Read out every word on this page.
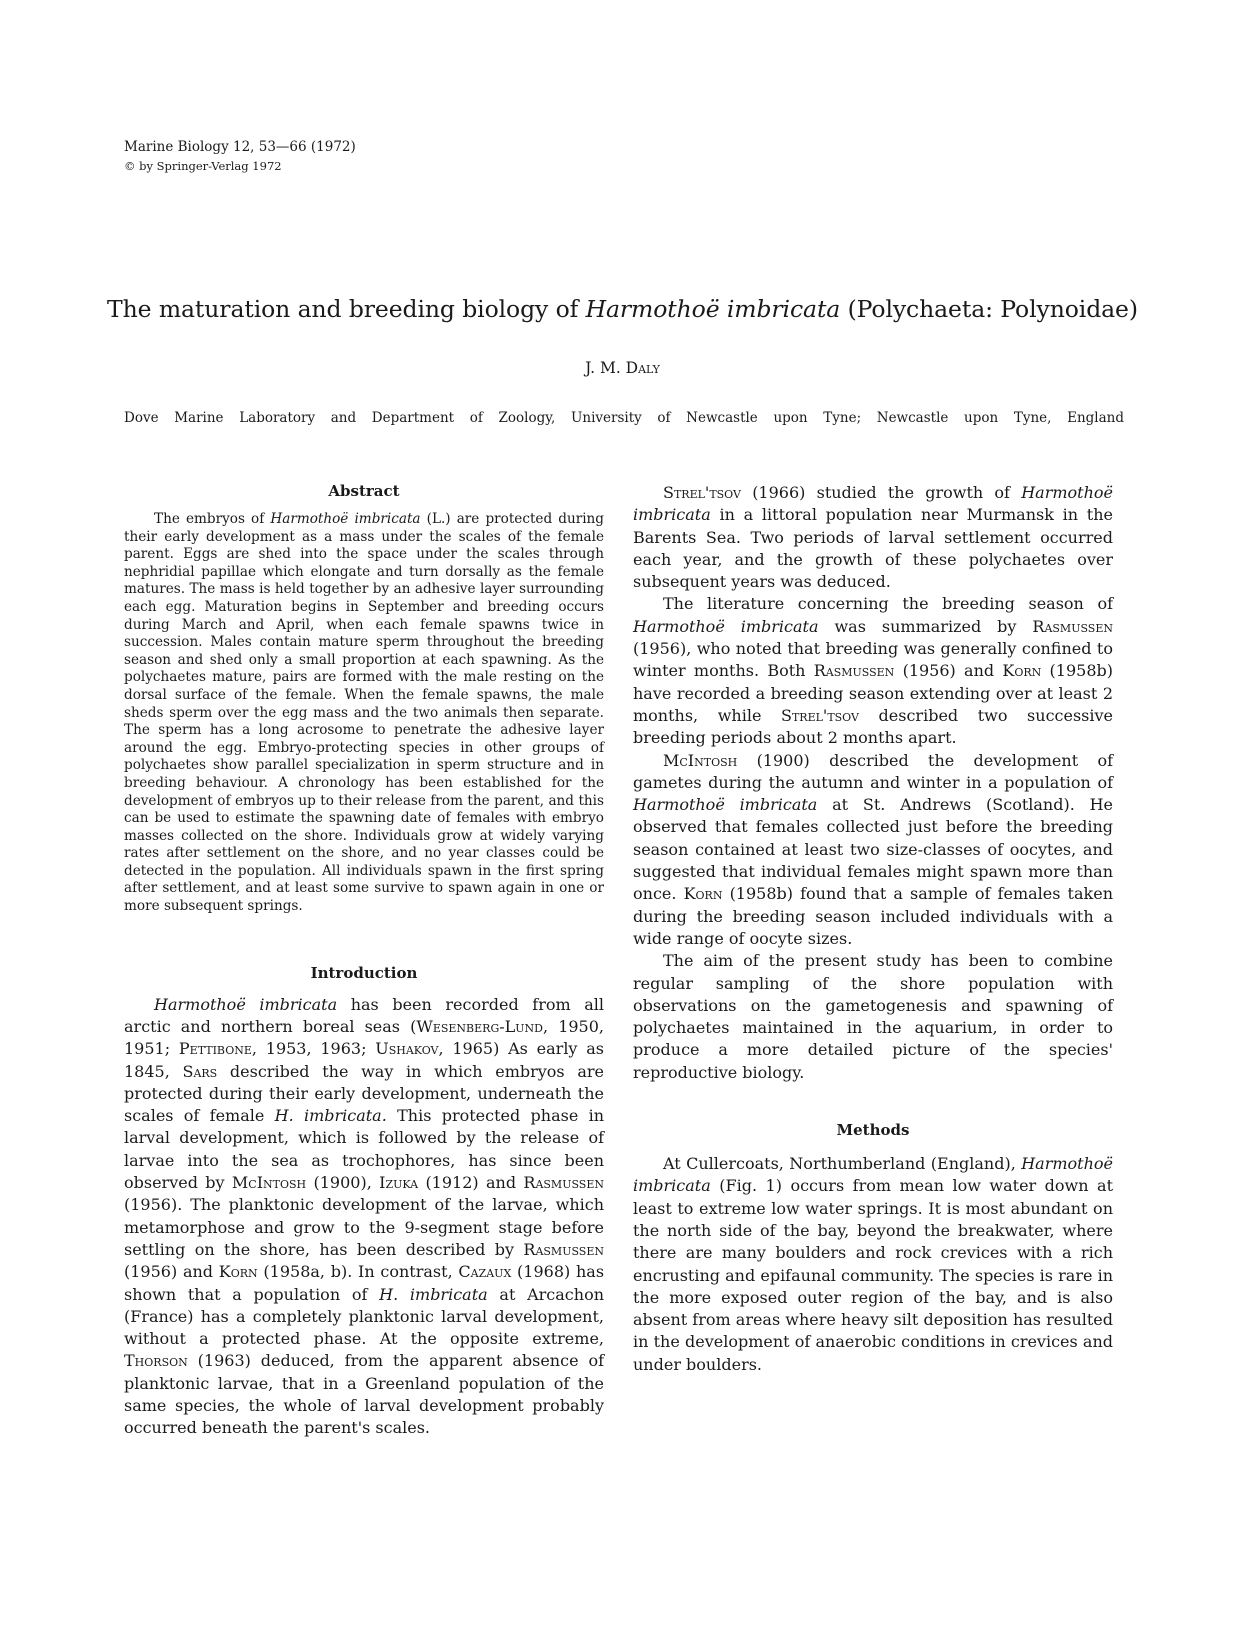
Marine Biology 12, 53—66 (1972)
© by Springer-Verlag 1972
The maturation and breeding biology of Harmothoë imbricata (Polychaeta: Polynoidae)
J. M. Daly
Dove Marine Laboratory and Department of Zoology, University of Newcastle upon Tyne; Newcastle upon Tyne, England
Abstract

The embryos of Harmothoë imbricata (L.) are protected during their early development as a mass under the scales of the female parent. Eggs are shed into the space under the scales through nephridial papillae which elongate and turn dorsally as the female matures. The mass is held together by an adhesive layer surrounding each egg. Maturation begins in September and breeding occurs during March and April, when each female spawns twice in succession. Males contain mature sperm throughout the breeding season and shed only a small proportion at each spawning. As the polychaetes mature, pairs are formed with the male resting on the dorsal surface of the female. When the female spawns, the male sheds sperm over the egg mass and the two animals then separate. The sperm has a long acrosome to penetrate the adhesive layer around the egg. Embryo-protecting species in other groups of polychaetes show parallel specialization in sperm structure and in breeding behaviour. A chronology has been established for the development of embryos up to their release from the parent, and this can be used to estimate the spawning date of females with embryo masses collected on the shore. Individuals grow at widely varying rates after settlement on the shore, and no year classes could be detected in the population. All individuals spawn in the first spring after settlement, and at least some survive to spawn again in one or more subsequent springs.

Introduction

Harmothoë imbricata has been recorded from all arctic and northern boreal seas (Wesenberg-Lund, 1950, 1951; Pettibone, 1953, 1963; Ushakov, 1965) As early as 1845, Sars described the way in which embryos are protected during their early development, underneath the scales of female H. imbricata. This protected phase in larval development, which is followed by the release of larvae into the sea as trochophores, has since been observed by McIntosh (1900), Izuka (1912) and Rasmussen (1956). The planktonic development of the larvae, which metamorphose and grow to the 9-segment stage before settling on the shore, has been described by Rasmussen (1956) and Korn (1958a, b). In contrast, Cazaux (1968) has shown that a population of H. imbricata at Arcachon (France) has a completely planktonic larval development, without a protected phase. At the opposite extreme, Thorson (1963) deduced, from the apparent absence of planktonic larvae, that in a Greenland population of the same species, the whole of larval development probably occurred beneath the parent's scales.

Strel'tsov (1966) studied the growth of Harmothoë imbricata in a littoral population near Murmansk in the Barents Sea. Two periods of larval settlement occurred each year, and the growth of these polychaetes over subsequent years was deduced.

The literature concerning the breeding season of Harmothoë imbricata was summarized by Rasmussen (1956), who noted that breeding was generally confined to winter months. Both Rasmussen (1956) and Korn (1958b) have recorded a breeding season extending over at least 2 months, while Strel'tsov described two successive breeding periods about 2 months apart.

McIntosh (1900) described the development of gametes during the autumn and winter in a population of Harmothoë imbricata at St. Andrews (Scotland). He observed that females collected just before the breeding season contained at least two size-classes of oocytes, and suggested that individual females might spawn more than once. Korn (1958b) found that a sample of females taken during the breeding season included individuals with a wide range of oocyte sizes.

The aim of the present study has been to combine regular sampling of the shore population with observations on the gametogenesis and spawning of polychaetes maintained in the aquarium, in order to produce a more detailed picture of the species' reproductive biology.

Methods

At Cullercoats, Northumberland (England), Harmothoë imbricata (Fig. 1) occurs from mean low water down at least to extreme low water springs. It is most abundant on the north side of the bay, beyond the breakwater, where there are many boulders and rock crevices with a rich encrusting and epifaunal community. The species is rare in the more exposed outer region of the bay, and is also absent from areas where heavy silt deposition has resulted in the development of anaerobic conditions in crevices and under boulders.
